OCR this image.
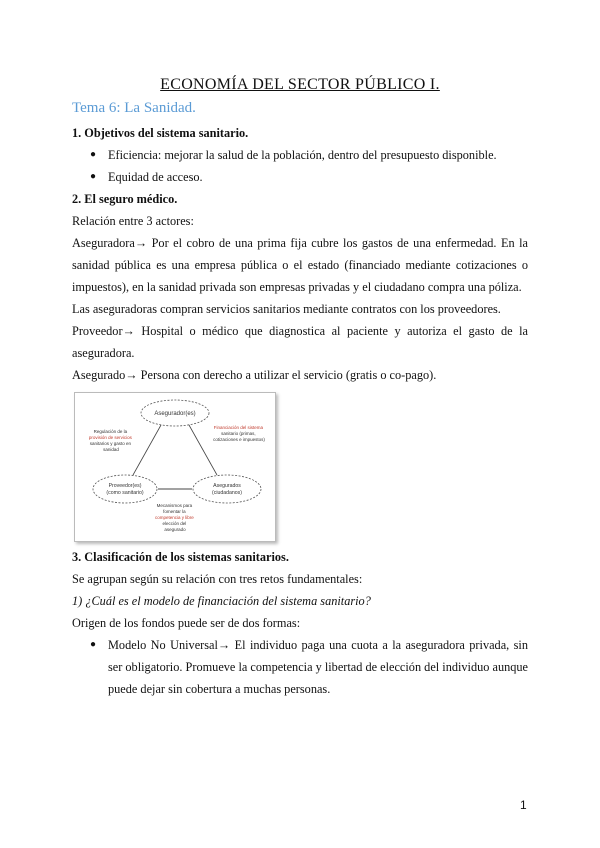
ECONOMÍA DEL SECTOR PÚBLICO I.
Tema 6: La Sanidad.

1. Objetivos del sistema sanitario.

● Eficiencia: mejorar la salud de la población, dentro del presupuesto disponible.
● Equidad de acceso.

2. El seguro médico.

Relación entre 3 actores:

Aseguradora→ Por el cobro de una prima fija cubre los gastos de una enfermedad. En la sanidad pública es una empresa pública o el estado (financiado mediante cotizaciones o impuestos), en la sanidad privada son empresas privadas y el ciudadano compra una póliza.

Las aseguradoras compran servicios sanitarios mediante contratos con los proveedores.

Proveedor→ Hospital o médico que diagnostica al paciente y autoriza el gasto de la aseguradora.

Asegurado→ Persona con derecho a utilizar el servicio (gratis o co-pago).

Asegurador(es)
Proveedor(es)
(como sanitario)
Asegurados
(ciudadanos)
Regulación de la provisión de servicios sanitarios y gasto en sanidad
Financiación del sistema sanitario (primas, cotizaciones e impuestos)
Mecanismos para fomentar la competencia y libre elección del asegurado

3. Clasificación de los sistemas sanitarios.

Se agrupan según su relación con tres retos fundamentales:

1) ¿Cuál es el modelo de financiación del sistema sanitario?

Origen de los fondos puede ser de dos formas:

● Modelo No Universal→ El individuo paga una cuota a la aseguradora privada, sin ser obligatorio. Promueve la competencia y libertad de elección del individuo aunque puede dejar sin cobertura a muchas personas.
1
